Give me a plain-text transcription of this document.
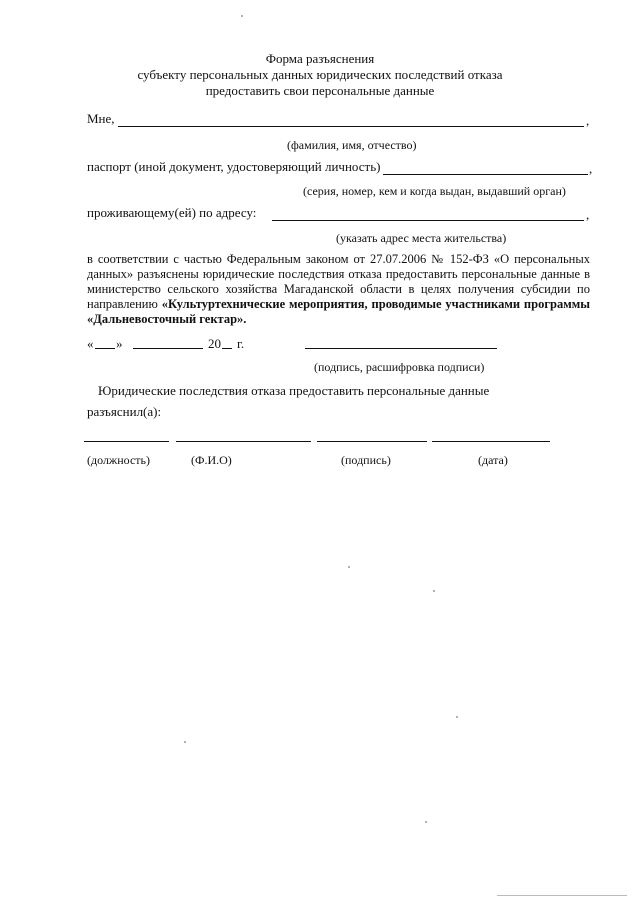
Форма разъяснения
субъекту персональных данных юридических последствий отказа
предоставить свои персональные данные
Мне,	,
(фамилия, имя, отчество)
паспорт (иной документ, удостоверяющий личность)	,
(серия, номер, кем и когда выдан, выдавший орган)
проживающему(ей) по адресу:	,
(указать адрес места жительства)
в соответствии с частью Федеральным законом от 27.07.2006 № 152-ФЗ «О персональных данных» разъяснены юридические последствия отказа предоставить персональные данные в министерство сельского хозяйства Магаданской области в целях получения субсидии по направлению «Культуртехнические мероприятия, проводимые участниками программы «Дальневосточный гектар».
« »	20 г.
(подпись, расшифровка подписи)
Юридические последствия отказа предоставить персональные данные
разъяснил(а):
(должность)	(Ф.И.О)	(подпись)	(дата)
